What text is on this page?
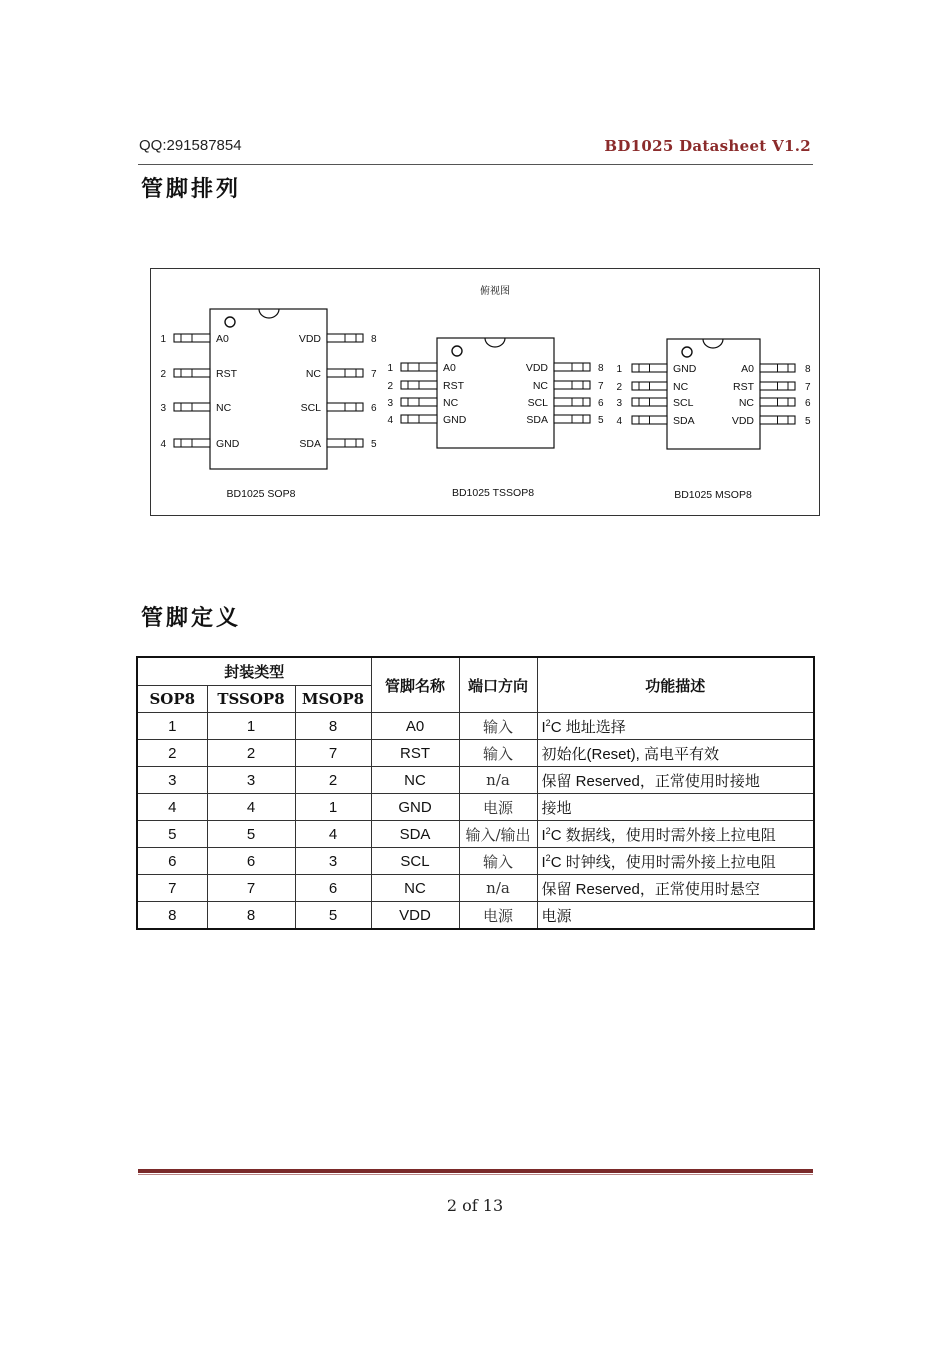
QQ:291587854	BD1025 Datasheet V1.2
管脚排列
俯视图
1	A0	8
VDD
2	RST	7
NC
3	NC	6
SCL
4	GND	5
SDA
BD1025 SOP8
1	A0	8
VDD
2	RST	7
NC
3	NC	6
SCL
4	GND	5
SDA
BD1025 TSSOP8
1	GND	8
A0
2	NC	7
RST
3	SCL	6
NC
4	SDA	5
VDD
BD1025 MSOP8
管脚定义
封装类型			管脚名称	端口方向	功能描述
SOP8	TSSOP8	MSOP8			
1	1	8	A0	输入	$I^2C$ 地址选择
2	2	7	RST	输入	初始化(Reset), 高电平有效
3	3	2	NC	n/a	保留 Reserved，正常使用时接地
4	4	1	GND	电源	接地
5	5	4	SDA	输入/输出	$I^2C$ 数据线，使用时需外接上拉电阻
6	6	3	SCL	输入	$I^2C$ 时钟线，使用时需外接上拉电阻
7	7	6	NC	n/a	保留 Reserved，正常使用时悬空
8	8	5	VDD	电源	电源
2 of 13
